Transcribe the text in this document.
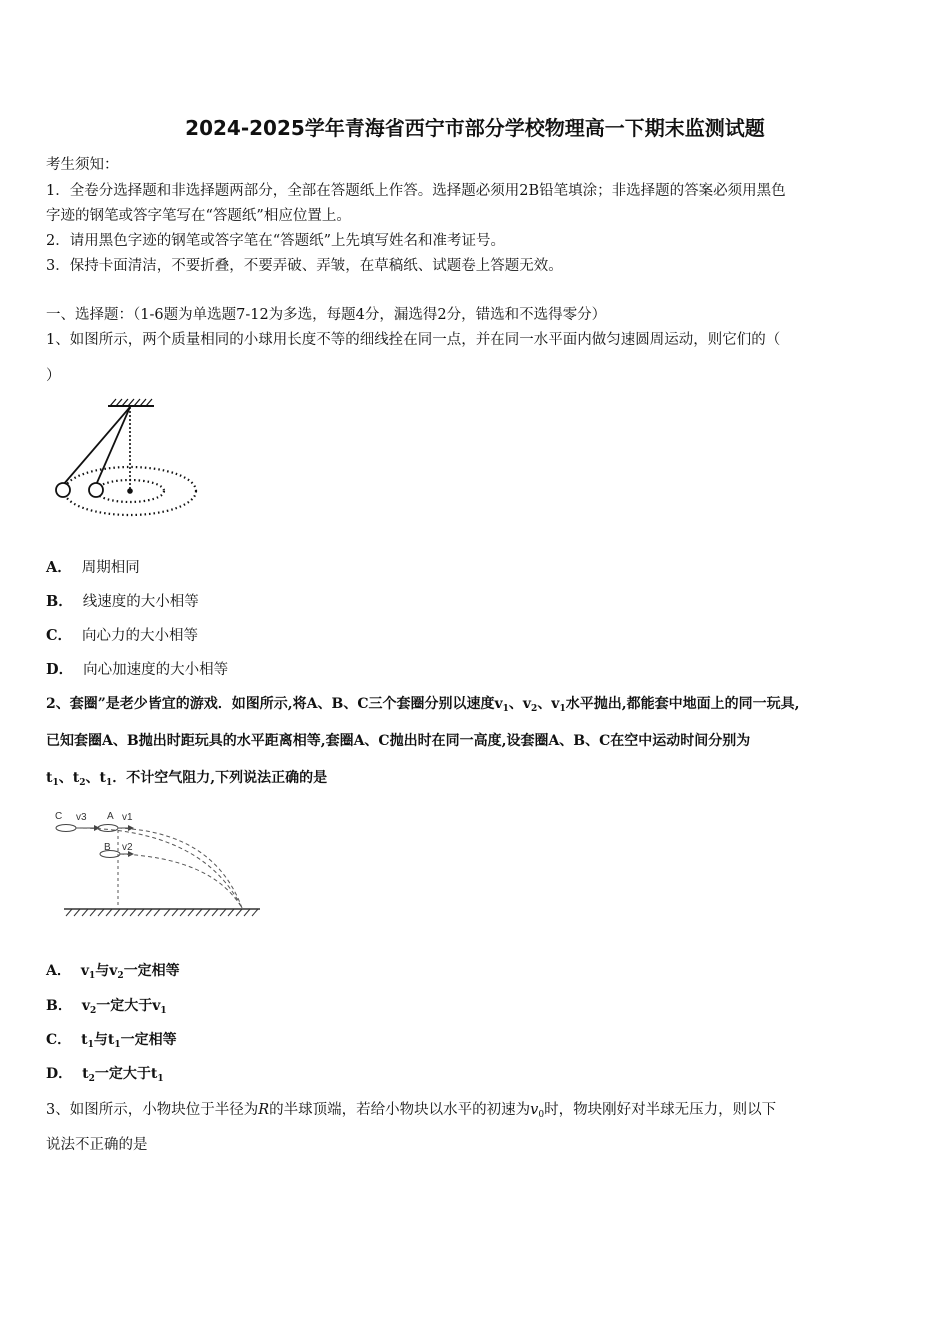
2024-2025学年青海省西宁市部分学校物理高一下期末监测试题
考生须知：
1．全卷分选择题和非选择题两部分，全部在答题纸上作答。选择题必须用2B铅笔填涂；非选择题的答案必须用黑色
字迹的钢笔或答字笔写在“答题纸”相应位置上。
2．请用黑色字迹的钢笔或答字笔在“答题纸”上先填写姓名和准考证号。
3．保持卡面清洁，不要折叠，不要弄破、弄皱，在草稿纸、试题卷上答题无效。
一、选择题：（1-6题为单选题7-12为多选，每题4分，漏选得2分，错选和不选得零分）
1、如图所示，两个质量相同的小球用长度不等的细线拴在同一点，并在同一水平面内做匀速圆周运动，则它们的（
）
A． 周期相同
B． 线速度的大小相等
C． 向心力的大小相等
D． 向心加速度的大小相等
2、套圈”是老少皆宜的游戏．如图所示,将A、B、C三个套圈分别以速度$v_1$、$v_2$、$v_1$水平抛出,都能套中地面上的同一玩具,
已知套圈A、B抛出时距玩具的水平距离相等,套圈A、C抛出时在同一高度,设套圈A、B、C在空中运动时间分别为
$t_1$、$t_2$、$t_1$．不计空气阻力,下列说法正确的是
C v3 A v1
B v2
A． $v_1$与$v_2$一定相等
B． $v_2$一定大于$v_1$
C． $t_1$与$t_1$一定相等
D． $t_2$一定大于$t_1$
3、如图所示，小物块位于半径为R的半球顶端，若给小物块以水平的初速为$v_0$时，物块刚好对半球无压力，则以下
说法不正确的是
